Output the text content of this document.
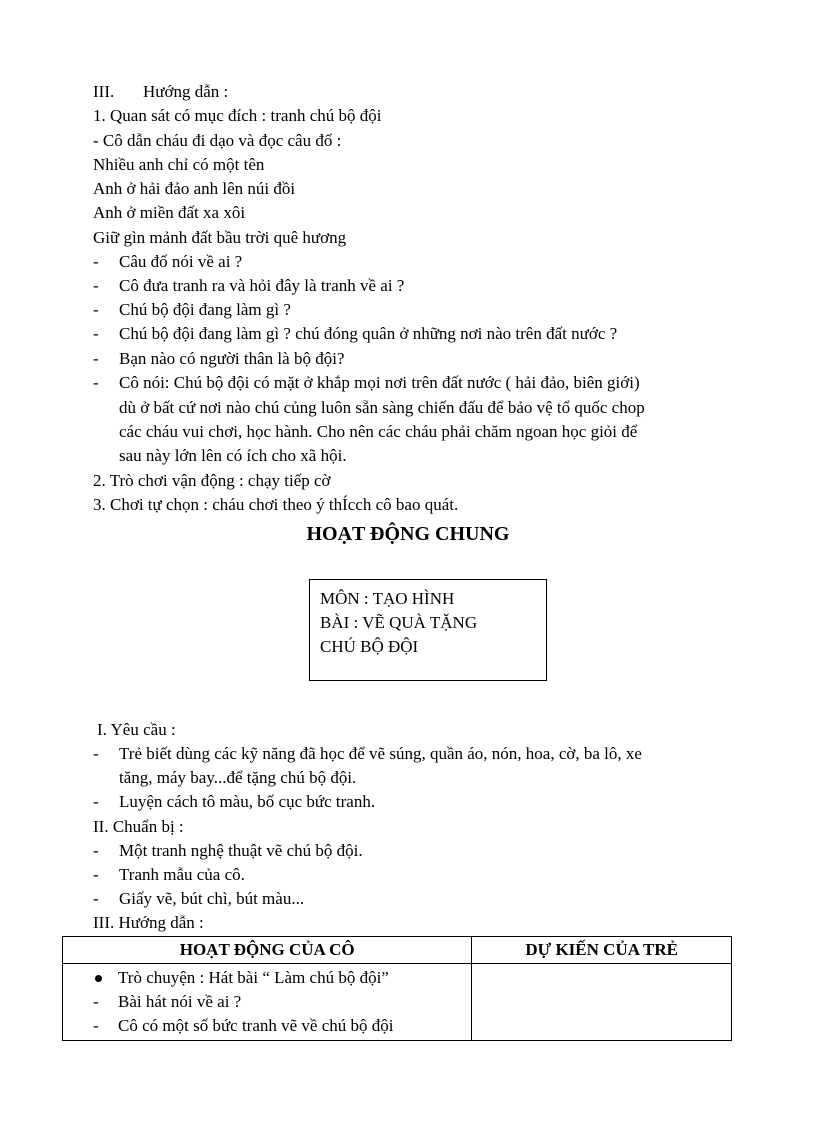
III. Hướng dẫn :
1. Quan sát có mục đích : tranh chú bộ đội
- Cô dẫn cháu đi dạo và đọc câu đố :
Nhiều anh chỉ có một tên
Anh ở hải đảo anh lên núi đồi
Anh ở miền đất xa xôi
Giữ gìn mảnh đất bầu trời quê hương
-	Câu đố nói về ai ?
-	Cô đưa tranh ra và hỏi đây là tranh về ai ?
-	Chú bộ đội đang làm gì ?
-	Chú bộ đội đang làm gì ? chú đóng quân ở những nơi nào trên đất nước ?
-	Bạn nào có người thân là bộ đội?
-	Cô nói: Chú bộ đội có mặt ở khắp mọi nơi trên đất nước ( hải đảo, biên giới)
dù ở bất cứ nơi nào chú củng luôn sẵn sàng chiến đấu để bảo vệ tổ quốc chop
các cháu vui chơi, học hành. Cho nên các cháu phải chăm ngoan học giỏi để
sau này lớn lên có ích cho xã hội.
2. Trò chơi vận động : chạy tiếp cờ
3. Chơi tự chọn : cháu chơi theo ý thÍcch cô bao quát.
HOẠT ĐỘNG CHUNG
MÔN : TẠO HÌNH
BÀI : VẼ QUÀ TẶNG
CHÚ BỘ ĐỘI
I. Yêu cầu :
-	Trẻ biết dùng các kỹ năng đã học để vẽ súng, quần áo, nón, hoa, cờ, ba lô, xe
tăng, máy bay...để tặng chú bộ đội.
-	Luyện cách tô màu, bố cục bức tranh.
II. Chuẩn bị :
-	Một tranh nghệ thuật vẽ chú bộ đội.
-	Tranh mẫu của cô.
-	Giấy vẽ, bút chì, bút màu...
III. Hướng dẫn :
HOẠT ĐỘNG CỦA CÔ	DỰ KIẾN CỦA TRẺ

Trò chuyện : Hát bài “ Làm chú bộ đội”
- Bài hát nói về ai ?
- Cô có một số bức tranh vẽ về chú bộ đội	
